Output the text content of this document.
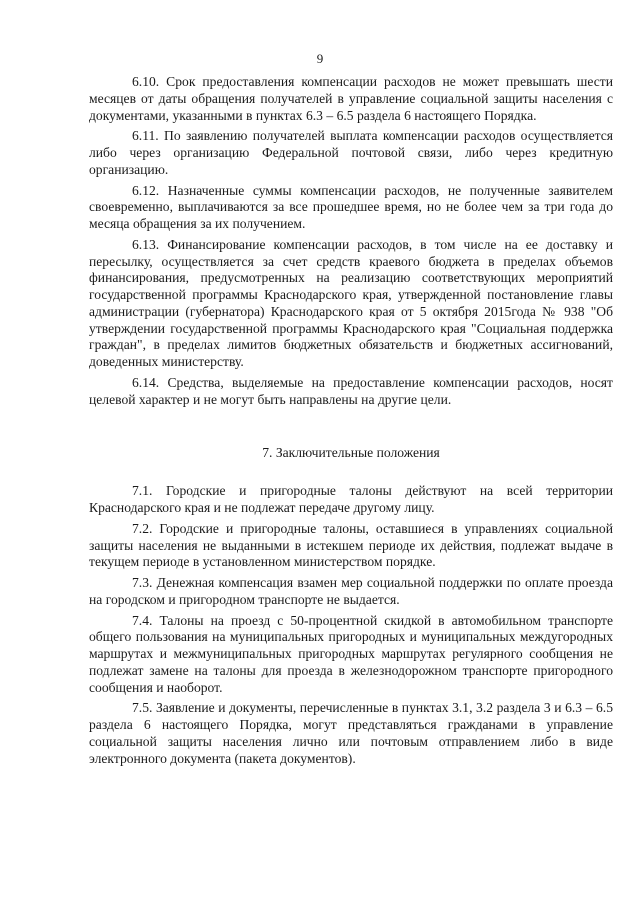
9

6.10. Срок предоставления компенсации расходов не может превышать шести месяцев от даты обращения получателей в управление социальной защиты населения с документами, указанными в пунктах 6.3 – 6.5 раздела 6 настоящего Порядка.

6.11. По заявлению получателей выплата компенсации расходов осуществляется либо через организацию Федеральной почтовой связи, либо через кредитную организацию.

6.12. Назначенные суммы компенсации расходов, не полученные заявителем своевременно, выплачиваются за все прошедшее время, но не более чем за три года до месяца обращения за их получением.

6.13. Финансирование компенсации расходов, в том числе на ее доставку и пересылку, осуществляется за счет средств краевого бюджета в пределах объемов финансирования, предусмотренных на реализацию соответствующих мероприятий государственной программы Краснодарского края, утвержденной постановление главы администрации (губернатора) Краснодарского края от 5 октября 2015года № 938 "Об утверждении государственной программы Краснодарского края "Социальная поддержка граждан", в пределах лимитов бюджетных обязательств и бюджетных ассигнований, доведенных министерству.

6.14. Средства, выделяемые на предоставление компенсации расходов, носят целевой характер и не могут быть направлены на другие цели.

7. Заключительные положения

7.1. Городские и пригородные талоны действуют на всей территории Краснодарского края и не подлежат передаче другому лицу.

7.2. Городские и пригородные талоны, оставшиеся в управлениях социальной защиты населения не выданными в истекшем периоде их действия, подлежат выдаче в текущем периоде в установленном министерством порядке.

7.3. Денежная компенсация взамен мер социальной поддержки по оплате проезда на городском и пригородном транспорте не выдается.

7.4. Талоны на проезд с 50-процентной скидкой в автомобильном транспорте общего пользования на муниципальных пригородных и муниципальных междугородных маршрутах и межмуниципальных пригородных маршрутах регулярного сообщения не подлежат замене на талоны для проезда в железнодорожном транспорте пригородного сообщения и наоборот.

7.5. Заявление и документы, перечисленные в пунктах 3.1, 3.2 раздела 3 и 6.3 – 6.5 раздела 6 настоящего Порядка, могут представляться гражданами в управление социальной защиты населения лично или почтовым отправлением либо в виде электронного документа (пакета документов).
